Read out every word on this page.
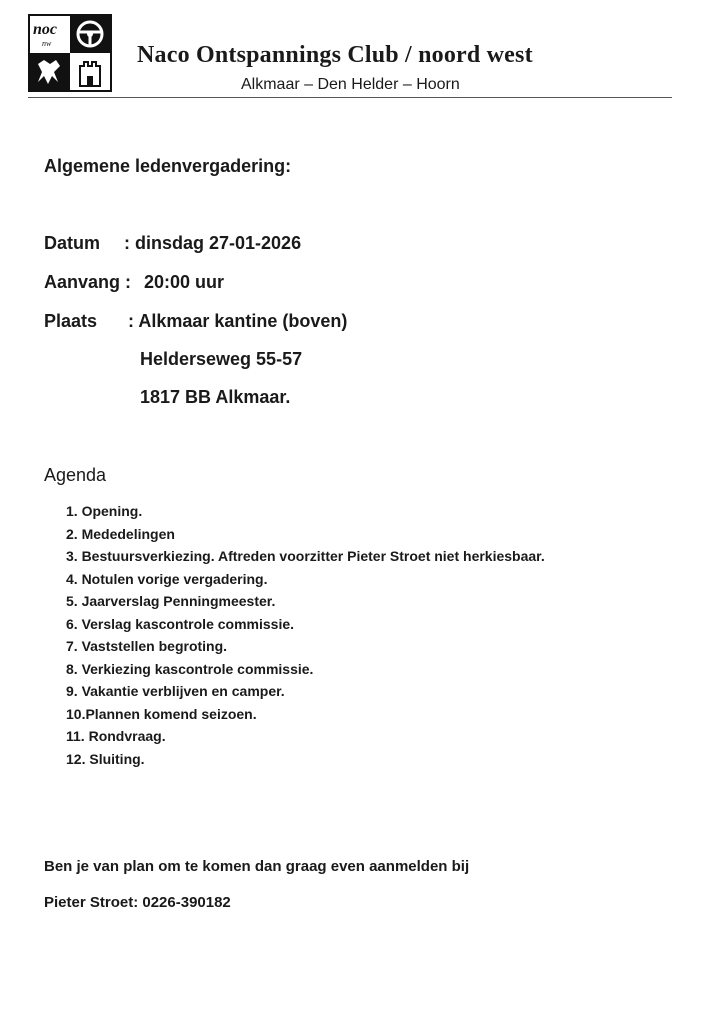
noc
nw	Naco Ontspannings Club / noord west
Alkmaar – Den Helder – Hoorn
Algemene ledenvergadering:
Datum : dinsdag 27-01-2026
Aanvang : 20:00 uur
Plaats : Alkmaar kantine (boven)
Helderseweg 55-57
1817 BB Alkmaar.
Agenda
1. Opening.
2. Mededelingen
3. Bestuursverkiezing. Aftreden voorzitter Pieter Stroet niet herkiesbaar.
4. Notulen vorige vergadering.
5. Jaarverslag Penningmeester.
6. Verslag kascontrole commissie.
7. Vaststellen begroting.
8. Verkiezing kascontrole commissie.
9. Vakantie verblijven en camper.
10.Plannen komend seizoen.
11. Rondvraag.
12. Sluiting.
Ben je van plan om te komen dan graag even aanmelden bij
Pieter Stroet: 0226-390182
